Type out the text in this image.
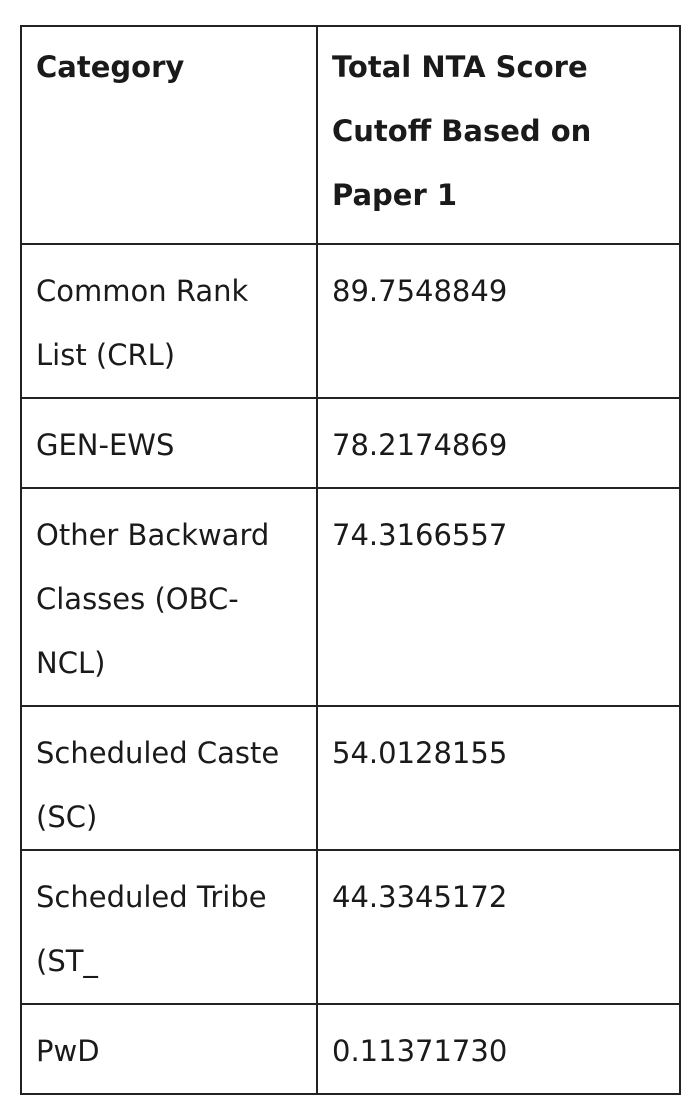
Category	Total NTA Score Cutoff Based on Paper 1
Common Rank List (CRL)	89.7548849
GEN-EWS	78.2174869
Other Backward Classes (OBC-NCL)	74.3166557
Scheduled Caste (SC)	54.0128155
Scheduled Tribe (ST_	44.3345172
PwD	0.11371730
